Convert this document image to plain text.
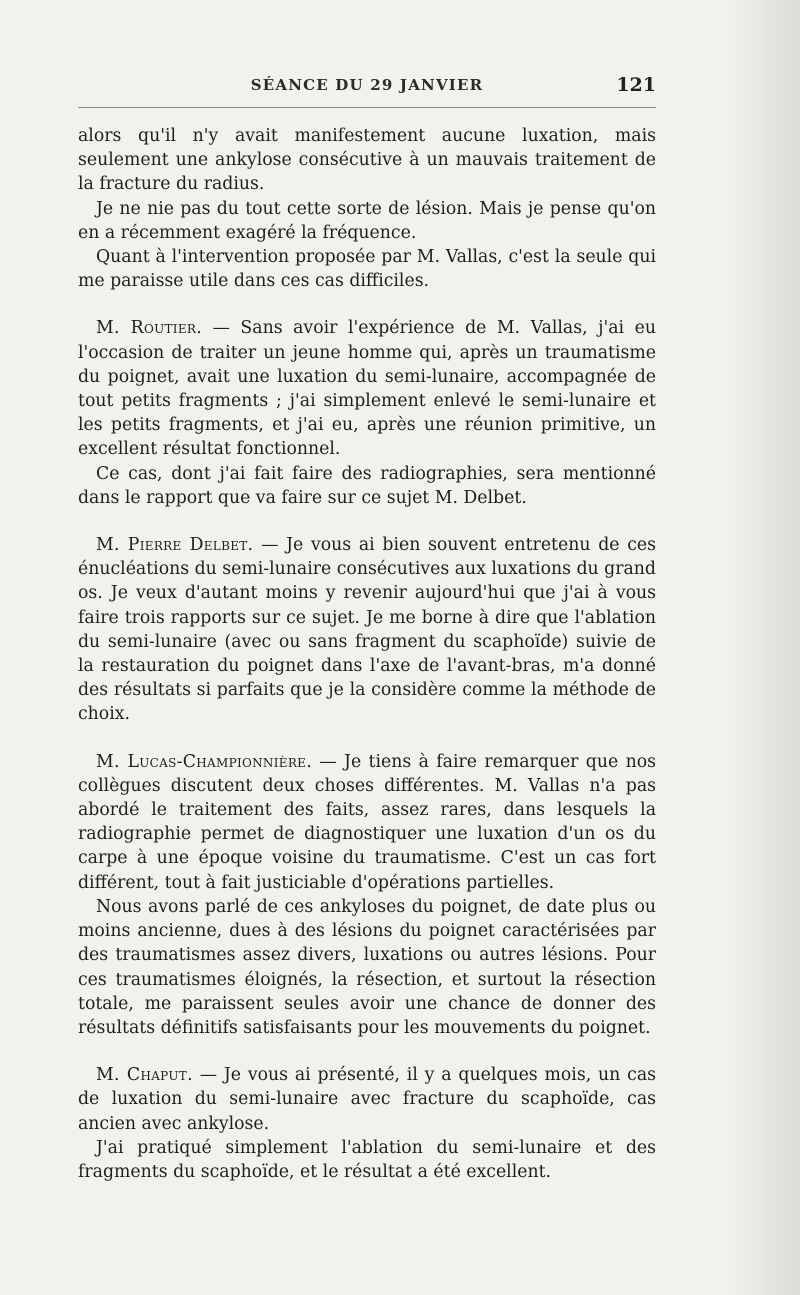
SÉANCE DU 29 JANVIER	121

alors qu'il n'y avait manifestement aucune luxation, mais seulement une ankylose consécutive à un mauvais traitement de la fracture du radius.

Je ne nie pas du tout cette sorte de lésion. Mais je pense qu'on en a récemment exagéré la fréquence.

Quant à l'intervention proposée par M. Vallas, c'est la seule qui me paraisse utile dans ces cas difficiles.

M. Routier. — Sans avoir l'expérience de M. Vallas, j'ai eu l'occasion de traiter un jeune homme qui, après un traumatisme du poignet, avait une luxation du semi-lunaire, accompagnée de tout petits fragments ; j'ai simplement enlevé le semi-lunaire et les petits fragments, et j'ai eu, après une réunion primitive, un excellent résultat fonctionnel.

Ce cas, dont j'ai fait faire des radiographies, sera mentionné dans le rapport que va faire sur ce sujet M. Delbet.

M. Pierre Delbet. — Je vous ai bien souvent entretenu de ces énucléations du semi-lunaire consécutives aux luxations du grand os. Je veux d'autant moins y revenir aujourd'hui que j'ai à vous faire trois rapports sur ce sujet. Je me borne à dire que l'ablation du semi-lunaire (avec ou sans fragment du scaphoïde) suivie de la restauration du poignet dans l'axe de l'avant-bras, m'a donné des résultats si parfaits que je la considère comme la méthode de choix.

M. Lucas-Championnière. — Je tiens à faire remarquer que nos collègues discutent deux choses différentes. M. Vallas n'a pas abordé le traitement des faits, assez rares, dans lesquels la radiographie permet de diagnostiquer une luxation d'un os du carpe à une époque voisine du traumatisme. C'est un cas fort différent, tout à fait justiciable d'opérations partielles.

Nous avons parlé de ces ankyloses du poignet, de date plus ou moins ancienne, dues à des lésions du poignet caractérisées par des traumatismes assez divers, luxations ou autres lésions. Pour ces traumatismes éloignés, la résection, et surtout la résection totale, me paraissent seules avoir une chance de donner des résultats définitifs satisfaisants pour les mouvements du poignet.

M. Chaput. — Je vous ai présenté, il y a quelques mois, un cas de luxation du semi-lunaire avec fracture du scaphoïde, cas ancien avec ankylose.

J'ai pratiqué simplement l'ablation du semi-lunaire et des fragments du scaphoïde, et le résultat a été excellent.
